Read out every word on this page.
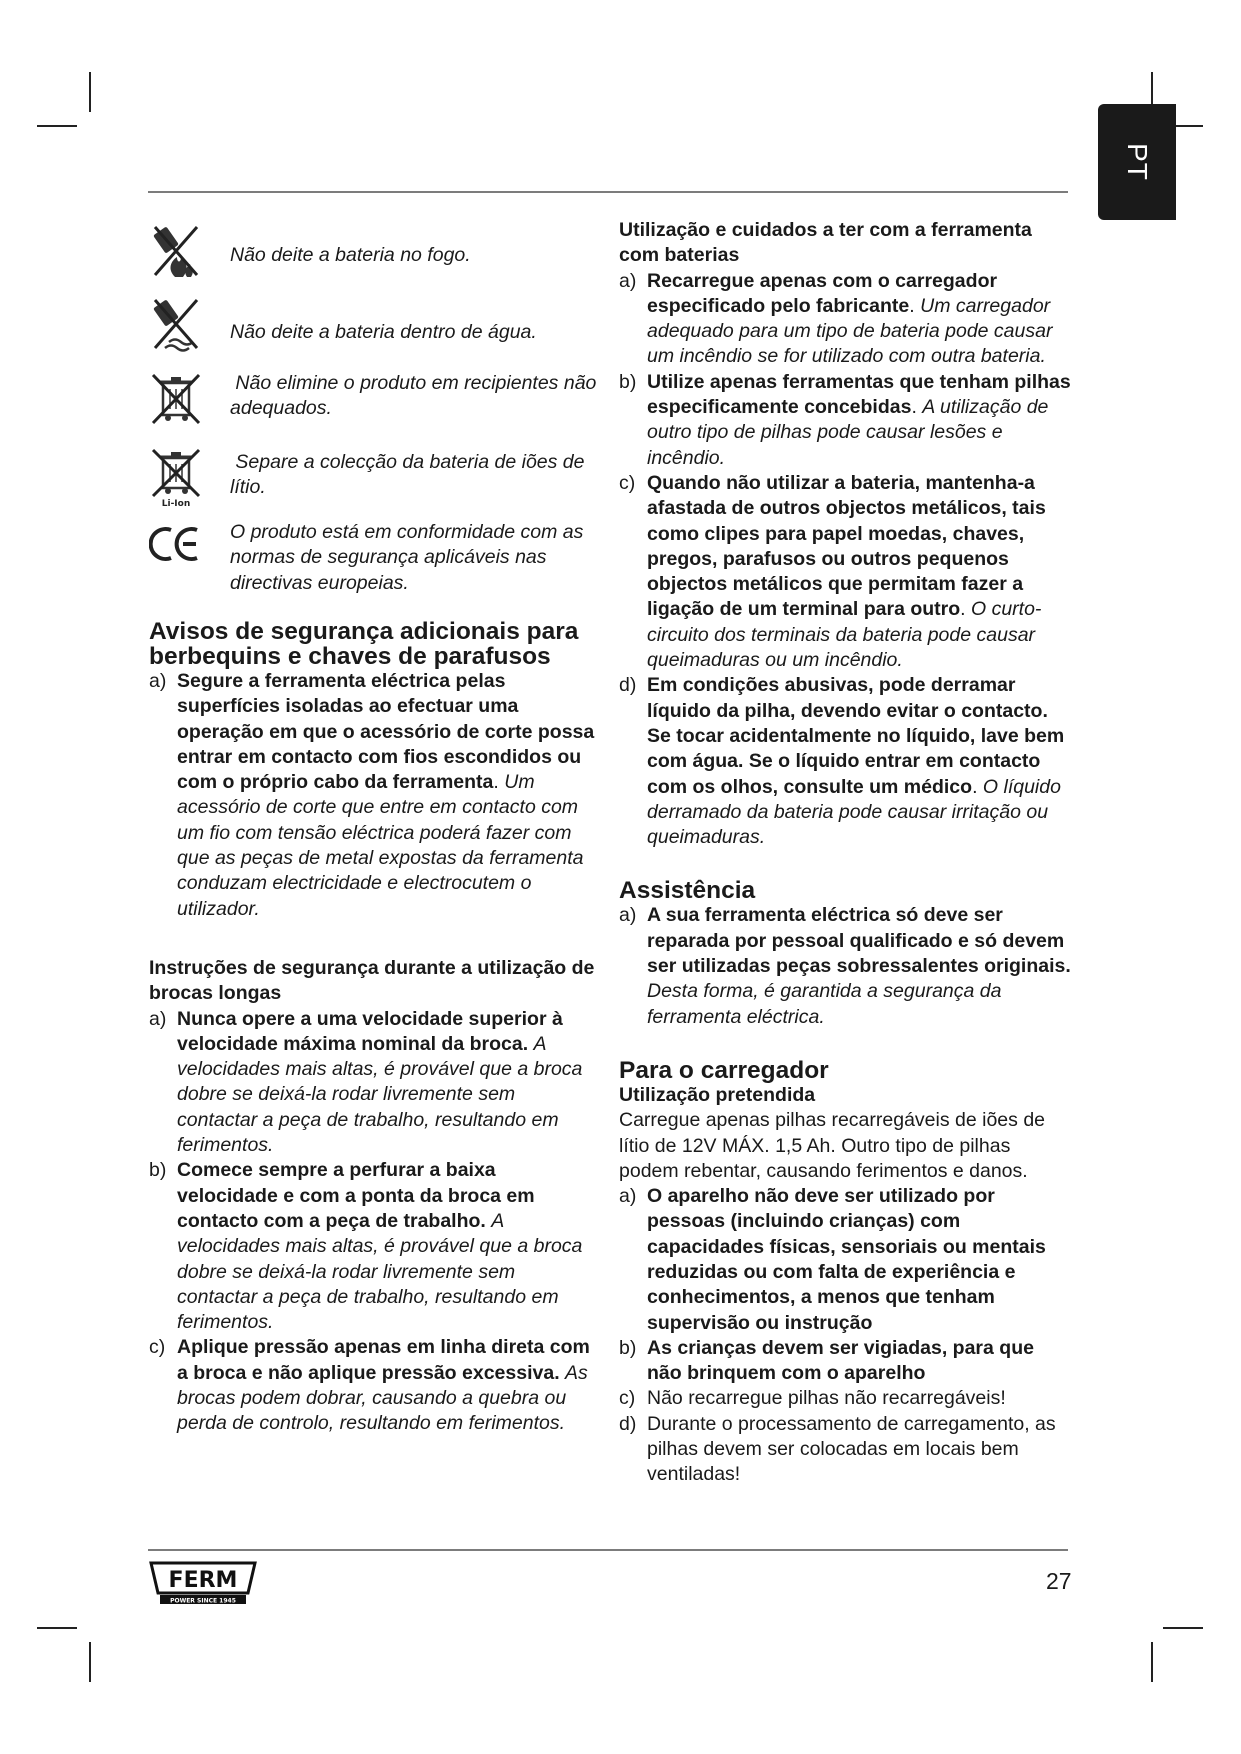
PT

Não deite a bateria no fogo.

Não deite a bateria dentro de água.

Não elimine o produto em recipientes não adequados.

Li-Ion

Separe a colecção da bateria de iões de lítio.

O produto está em conformidade com as normas de segurança aplicáveis nas directivas europeias.

Avisos de segurança adicionais para berbequins e chaves de parafusos
a) Segure a ferramenta eléctrica pelas superfícies isoladas ao efectuar uma operação em que o acessório de corte possa entrar em contacto com fios escondidos ou com o próprio cabo da ferramenta. Um acessório de corte que entre em contacto com um fio com tensão eléctrica poderá fazer com que as peças de metal expostas da ferramenta conduzam electricidade e electrocutem o utilizador.

Instruções de segurança durante a utilização de brocas longas

a) Nunca opere a uma velocidade superior à velocidade máxima nominal da broca. A velocidades mais altas, é provável que a broca dobre se deixá-la rodar livremente sem contactar a peça de trabalho, resultando em ferimentos.
b) Comece sempre a perfurar a baixa velocidade e com a ponta da broca em contacto com a peça de trabalho. A velocidades mais altas, é provável que a broca dobre se deixá-la rodar livremente sem contactar a peça de trabalho, resultando em ferimentos.
c) Aplique pressão apenas em linha direta com a broca e não aplique pressão excessiva. As brocas podem dobrar, causando a quebra ou perda de controlo, resultando em ferimentos.

Utilização e cuidados a ter com a ferramenta com baterias

a) Recarregue apenas com o carregador especificado pelo fabricante. Um carregador adequado para um tipo de bateria pode causar um incêndio se for utilizado com outra bateria.
b) Utilize apenas ferramentas que tenham pilhas especificamente concebidas. A utilização de outro tipo de pilhas pode causar lesões e incêndio.
c) Quando não utilizar a bateria, mantenha-a afastada de outros objectos metálicos, tais como clipes para papel moedas, chaves, pregos, parafusos ou outros pequenos objectos metálicos que permitam fazer a ligação de um terminal para outro. O curto-circuito dos terminais da bateria pode causar queimaduras ou um incêndio.
d) Em condições abusivas, pode derramar líquido da pilha, devendo evitar o contacto. Se tocar acidentalmente no líquido, lave bem com água. Se o líquido entrar em contacto com os olhos, consulte um médico. O líquido derramado da bateria pode causar irritação ou queimaduras.
Assistência
a) A sua ferramenta eléctrica só deve ser reparada por pessoal qualificado e só devem ser utilizadas peças sobressalentes originais. Desta forma, é garantida a segurança da ferramenta eléctrica.
Para o carregador

Utilização pretendida

Carregue apenas pilhas recarregáveis de iões de lítio de 12V MÁX. 1,5 Ah. Outro tipo de pilhas podem rebentar, causando ferimentos e danos.

a) O aparelho não deve ser utilizado por pessoas (incluindo crianças) com capacidades físicas, sensoriais ou mentais reduzidas ou com falta de experiência e conhecimentos, a menos que tenham supervisão ou instrução
b) As crianças devem ser vigiadas, para que não brinquem com o aparelho
c) Não recarregue pilhas não recarregáveis!
d) Durante o processamento de carregamento, as pilhas devem ser colocadas em locais bem ventiladas!
FERM
POWER SINCE 1945
27
